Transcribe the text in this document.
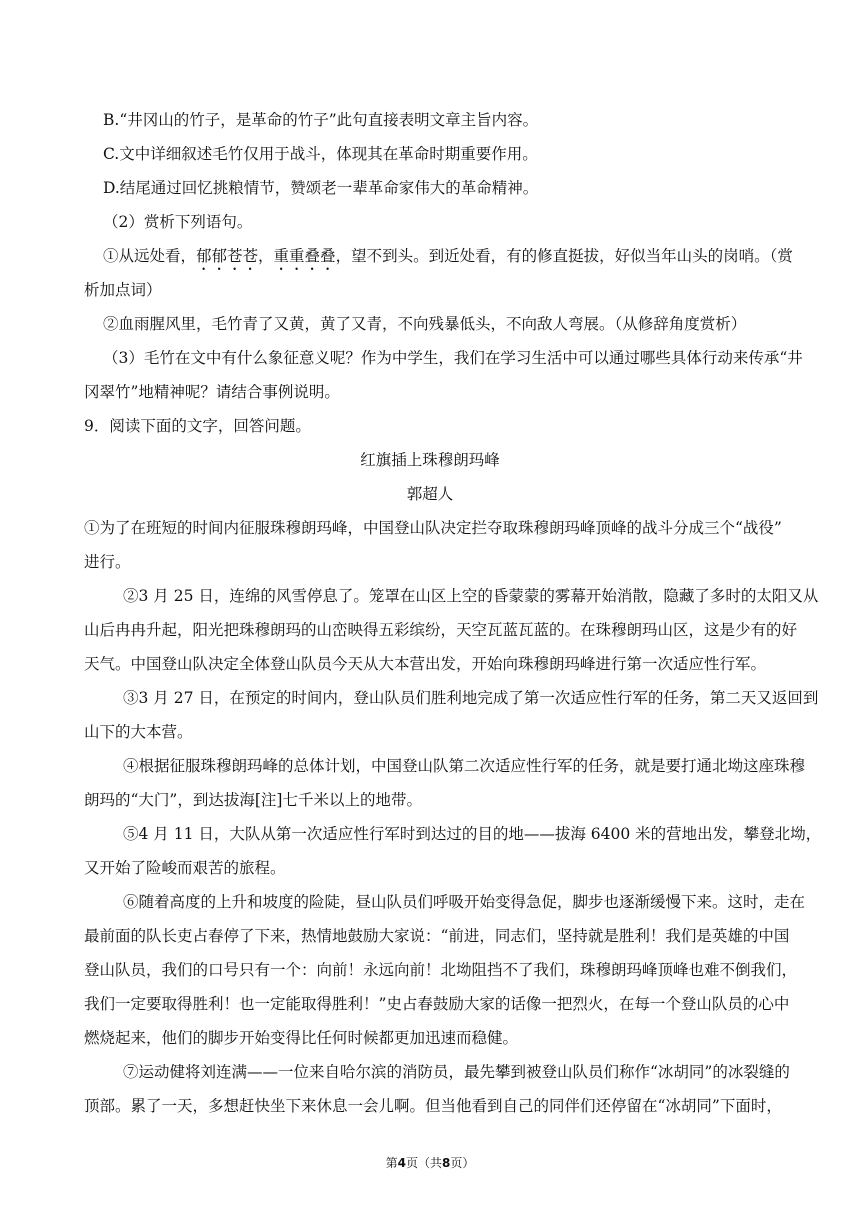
B.“井冈山的竹子，是革命的竹子”此句直接表明文章主旨内容。
C.文中详细叙述毛竹仅用于战斗，体现其在革命时期重要作用。
D.结尾通过回忆挑粮情节，赞颂老一辈革命家伟大的革命精神。
（2）赏析下列语句。
①从远处看，郁郁苍苍，重重叠叠，望不到头。到近处看，有的修直挺拔，好似当年山头的岗哨。（赏
析加点词）
②血雨腥风里，毛竹青了又黄，黄了又青，不向残暴低头，不向敌人弯展。（从修辞角度赏析）
（3）毛竹在文中有什么象征意义呢？作为中学生，我们在学习生活中可以通过哪些具体行动来传承“井
冈翠竹”地精神呢？请结合事例说明。
9．阅读下面的文字，回答问题。
红旗插上珠穆朗玛峰
郭超人
①为了在班短的时间内征服珠穆朗玛峰，中国登山队决定拦夺取珠穆朗玛峰顶峰的战斗分成三个“战役”
进行。
②3 月 25 日，连绵的风雪停息了。笼罩在山区上空的昏蒙蒙的雾幕开始消散，隐藏了多时的太阳又从
山后冉冉升起，阳光把珠穆朗玛的山峦映得五彩缤纷，天空瓦蓝瓦蓝的。在珠穆朗玛山区，这是少有的好
天气。中国登山队决定全体登山队员今天从大本营出发，开始向珠穆朗玛峰进行第一次适应性行军。
③3 月 27 日，在预定的时间内，登山队员们胜利地完成了第一次适应性行军的任务，第二天又返回到
山下的大本营。
④根据征服珠穆朗玛峰的总体计划，中国登山队第二次适应性行军的任务，就是要打通北坳这座珠穆
朗玛的“大门”，到达拔海[注]七千米以上的地带。
⑤4 月 11 日，大队从第一次适应性行军时到达过的目的地——拔海 6400 米的营地出发，攀登北坳，
又开始了险峻而艰苦的旅程。
⑥随着高度的上升和坡度的险陡，昼山队员们呼吸开始变得急促，脚步也逐渐缓慢下来。这时，走在
最前面的队长吏占春停了下来，热情地鼓励大家说：“前进，同志们，坚持就是胜利！我们是英雄的中国
登山队员，我们的口号只有一个：向前！永远向前！北坳阻挡不了我们，珠穆朗玛峰顶峰也难不倒我们，
我们一定要取得胜利！也一定能取得胜利！”史占春鼓励大家的话像一把烈火，在每一个登山队员的心中
燃烧起来，他们的脚步开始变得比任何时候都更加迅速而稳健。
⑦运动健将刘连满——一位来自哈尔滨的消防员，最先攀到被登山队员们称作“冰胡同”的冰裂缝的
顶部。累了一天，多想赶快坐下来休息一会儿啊。但当他看到自己的同伴们还停留在“冰胡同”下面时，
第4页（共8页）
